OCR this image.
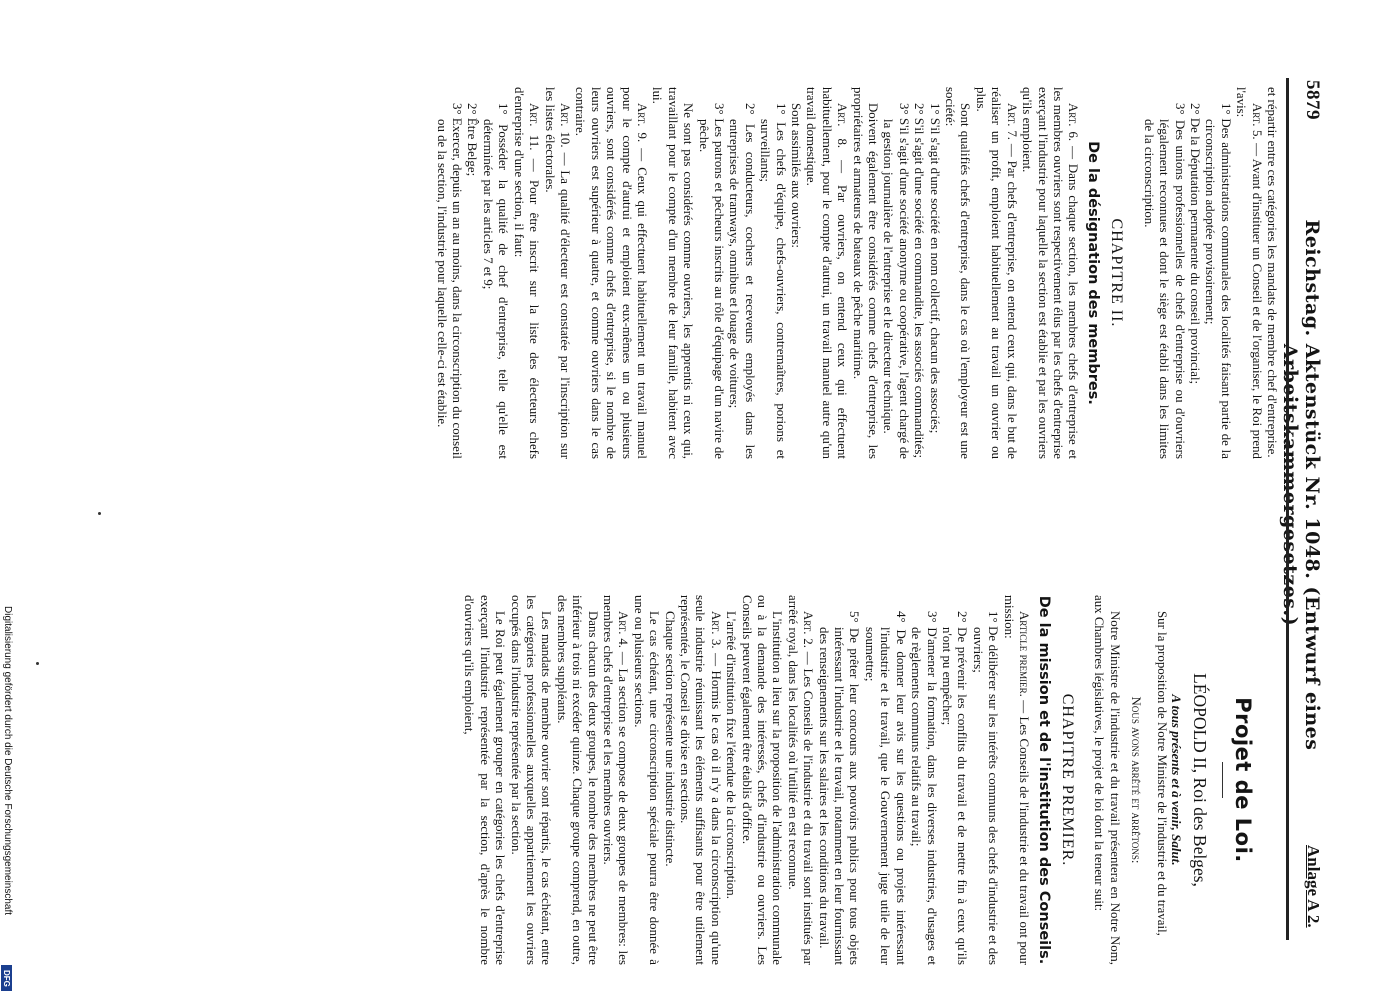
5879
Reichstag. Aktenstück Nr. 1048. (Entwurf eines Arbeitskammergesetzes.)
Anlage A 2.
Projet de Loi.
LÉOPOLD II, Roi des Belges,
A tous présents et à venir, Salut.

Sur la proposition de Notre Ministre de l'industrie et du travail,

Nous avons arrêté et arrêtons:

Notre Ministre de l'industrie et du travail présentera en Notre Nom, aux Chambres législatives, le projet de loi dont la teneur suit:

CHAPITRE PREMIER.
De la mission et de l'institution des Conseils.

Article premier. — Les Conseils de l'industrie et du travail ont pour mission:

1° De délibérer sur les intérêts communs des chefs d'industrie et des ouvriers;

2° De prévenir les conflits du travail et de mettre fin à ceux qu'ils n'ont pu empêcher;

3° D'amener la formation, dans les diverses industries, d'usages et de règlements communs relatifs au travail;

4° De donner leur avis sur les questions ou projets intéressant l'industrie et le travail, que le Gouvernement juge utile de leur soumettre;

5° De prêter leur concours aux pouvoirs publics pour tous objets intéressant l'industrie et le travail, notamment en leur fournissant des renseignements sur les salaires et les conditions du travail.

Art. 2. — Les Conseils de l'industrie et du travail sont institués par arrêté royal, dans les localités où l'utilité en est reconnue.

L'institution a lieu sur la proposition de l'administration communale ou à la demande des intéressés, chefs d'industrie ou ouvriers. Les Conseils peuvent également être établis d'office.

L'arrêté d'institution fixe l'étendue de la circonscription.

Art. 3. — Hormis le cas où il n'y a dans la circonscription qu'une seule industrie réunissant les éléments suffisants pour être utilement représentée, le Conseil se divise en sections.

Chaque section représente une industrie distincte.

Le cas échéant, une circonscription spéciale pourra être donnée à une ou plusieurs sections.

Art. 4. — La section se compose de deux groupes de membres: les membres chefs d'entreprise et les membres ouvriers.

Dans chacun des deux groupes, le nombre des membres ne peut être inférieur à trois ni excéder quinze. Chaque groupe comprend, en outre, des membres suppléants.

Les mandats de membre ouvrier sont répartis, le cas échéant, entre les catégories professionnelles auxquelles appartiennent les ouvriers occupés dans l'industrie représentée par la section.

Le Roi peut également grouper en catégories les chefs d'entreprise exerçant l'industrie représentée par la section, d'après le nombre d'ouvriers qu'ils emploient,

et répartir entre ces catégories les mandats de membre chef d'entreprise.

Art. 5. — Avant d'instituer un Conseil et de l'organiser, le Roi prend l'avis:

1° Des administrations communales des localités faisant partie de la circonscription adoptée provisoirement;

2° De la Députation permanente du conseil provincial;

3° Des unions professionnelles de chefs d'entreprise ou d'ouvriers légalement reconnues et dont le siège est établi dans les limites de la circonscription.

CHAPITRE II.
De la désignation des membres.

Art. 6. — Dans chaque section, les membres chefs d'entreprise et les membres ouvriers sont respectivement élus par les chefs d'entreprise exerçant l'industrie pour laquelle la section est établie et par les ouvriers qu'ils emploient.

Art. 7. — Par chefs d'entreprise, on entend ceux qui, dans le but de réaliser un profit, emploient habituellement au travail un ouvrier ou plus.

Sont qualifiés chefs d'entreprise, dans le cas où l'employeur est une société:

1° S'il s'agit d'une société en nom collectif, chacun des associés;

2° S'il s'agit d'une société en commandite, les associés commandités;

3° S'il s'agit d'une société anonyme ou coopérative, l'agent chargé de la gestion journalière de l'entreprise et le directeur technique.

Doivent également être considérés comme chefs d'entreprise, les propriétaires et armateurs de bateaux de pêche maritime.

Art. 8. — Par ouvriers, on entend ceux qui effectuent habituellement, pour le compte d'autrui, un travail manuel autre qu'un travail domestique.

Sont assimilés aux ouvriers:

1° Les chefs d'équipe, chefs-ouvriers, contremaîtres, porions et surveillants;

2° Les conducteurs, cochers et receveurs employés dans les entreprises de tramways, omnibus et louage de voitures;

3° Les patrons et pêcheurs inscrits au rôle d'équipage d'un navire de pêche.

Ne sont pas considérés comme ouvriers, les apprentis ni ceux qui, travaillant pour le compte d'un membre de leur famille, habitent avec lui.

Art. 9. — Ceux qui effectuent habituellement un travail manuel pour le compte d'autrui et emploient eux-mêmes un ou plusieurs ouvriers, sont considérés comme chefs d'entreprise, si le nombre de leurs ouvriers est supérieur à quatre, et comme ouvriers dans le cas contraire.

Art. 10. — La qualité d'électeur est constatée par l'inscription sur les listes électorales.

Art. 11. — Pour être inscrit sur la liste des électeurs chefs d'entreprise d'une section, il faut:

1° Posséder la qualité de chef d'entreprise, telle qu'elle est déterminée par les articles 7 et 9;

2° Être Belge;

3° Exercer, depuis un an au moins, dans la circonscription du conseil ou de la section, l'industrie pour laquelle celle-ci est établie.

Digitalisierung gefördert durch die Deutsche Forschungsgemeinschaft
DFG
